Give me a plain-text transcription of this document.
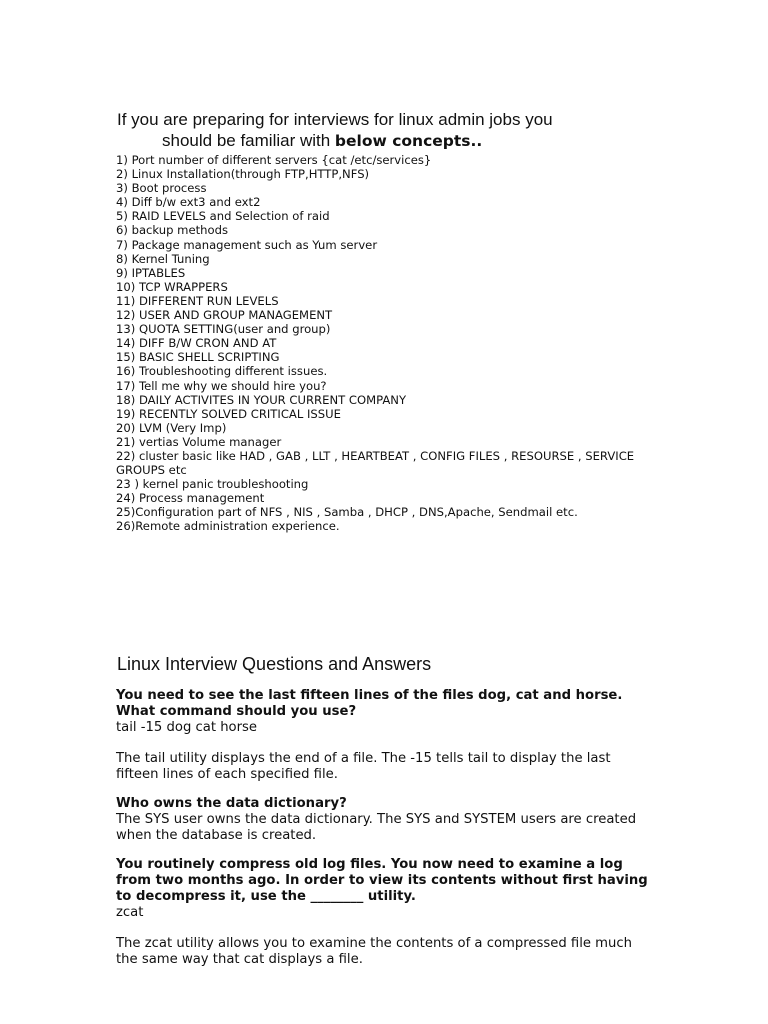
If you are preparing for interviews for linux admin jobs you
should be familiar with below concepts..
1) Port number of different servers {cat /etc/services}
2) Linux Installation(through FTP,HTTP,NFS)
3) Boot process
4) Diff b/w ext3 and ext2
5) RAID LEVELS and Selection of raid
6) backup methods
7) Package management such as Yum server
8) Kernel Tuning
9) IPTABLES
10) TCP WRAPPERS
11) DIFFERENT RUN LEVELS
12) USER AND GROUP MANAGEMENT
13) QUOTA SETTING(user and group)
14) DIFF B/W CRON AND AT
15) BASIC SHELL SCRIPTING
16) Troubleshooting different issues.
17) Tell me why we should hire you?
18) DAILY ACTIVITES IN YOUR CURRENT COMPANY
19) RECENTLY SOLVED CRITICAL ISSUE
20) LVM (Very Imp)
21) vertias Volume manager
22) cluster basic like HAD , GAB , LLT , HEARTBEAT , CONFIG FILES , RESOURSE , SERVICE GROUPS etc
23 ) kernel panic troubleshooting
24) Process management
25)Configuration part of NFS , NIS , Samba , DHCP , DNS,Apache, Sendmail etc.
26)Remote administration experience.
Linux Interview Questions and Answers

You need to see the last fifteen lines of the files dog, cat and horse. What command should you use?

tail -15 dog cat horse

The tail utility displays the end of a file. The -15 tells tail to display the last fifteen lines of each specified file.

Who owns the data dictionary?

The SYS user owns the data dictionary. The SYS and SYSTEM users are created when the database is created.

You routinely compress old log files. You now need to examine a log from two months ago. In order to view its contents without first having to decompress it, use the ________ utility.

zcat

The zcat utility allows you to examine the contents of a compressed file much the same way that cat displays a file.
